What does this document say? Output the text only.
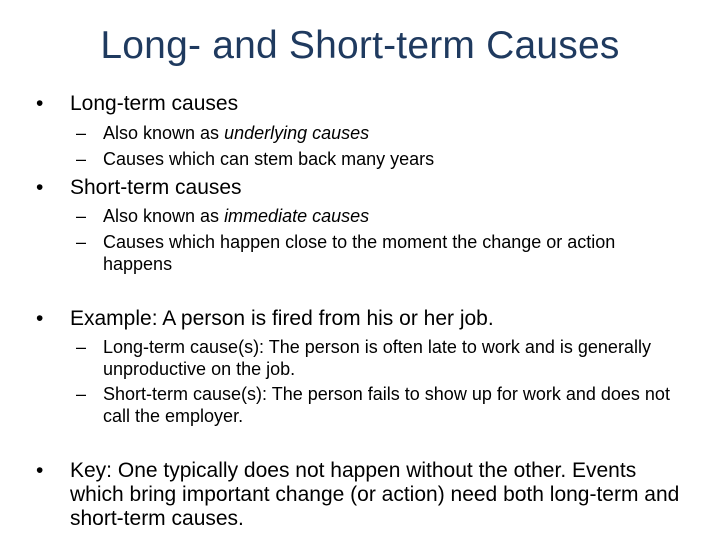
Long- and Short-term Causes
•	Long-term causes
– Also known as underlying causes
– Causes which can stem back many years
•	Short-term causes
– Also known as immediate causes
– Causes which happen close to the moment the change or action happens
•	Example: A person is fired from his or her job.
– Long-term cause(s): The person is often late to work and is generally unproductive on the job.
– Short-term cause(s): The person fails to show up for work and does not call the employer.
•	Key: One typically does not happen without the other. Events which bring important change (or action) need both long-term and short-term causes.
